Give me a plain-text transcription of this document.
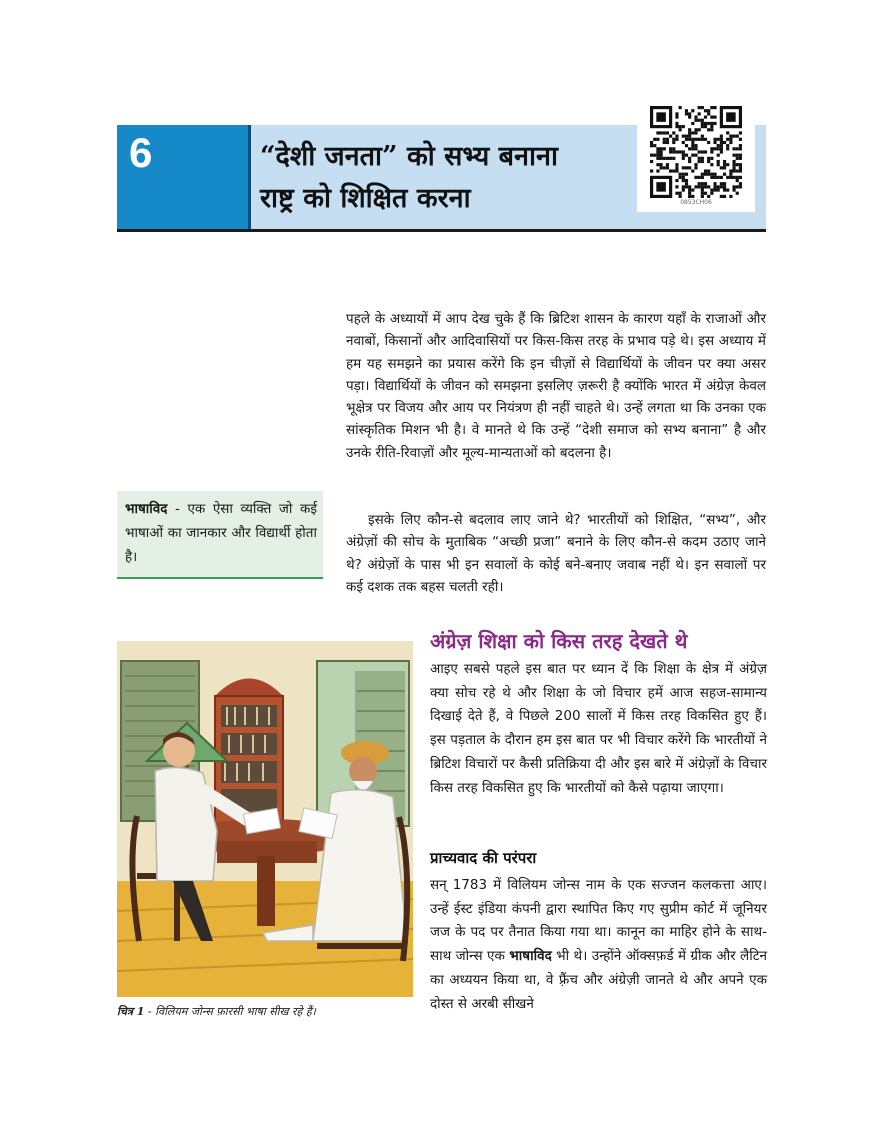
6	“देशी जनता” को सभ्य बनाना
राष्ट्र को शिक्षित करना	0853CH06
पहले के अध्यायों में आप देख चुके हैं कि ब्रिटिश शासन के कारण यहाँ के राजाओं और नवाबों, किसानों और आदिवासियों पर किस-किस तरह के प्रभाव पड़े थे। इस अध्याय में हम यह समझने का प्रयास करेंगे कि इन चीज़ों से विद्यार्थियों के जीवन पर क्या असर पड़ा। विद्यार्थियों के जीवन को समझना इसलिए ज़रूरी है क्योंकि भारत में अंग्रेज़ केवल भूक्षेत्र पर विजय और आय पर नियंत्रण ही नहीं चाहते थे। उन्हें लगता था कि उनका एक सांस्कृतिक मिशन भी है। वे मानते थे कि उन्हें “देशी समाज को सभ्य बनाना” है और उनके रीति-रिवाज़ों और मूल्य-मान्यताओं को बदलना है।
इसके लिए कौन-से बदलाव लाए जाने थे? भारतीयों को शिक्षित, “सभ्य”, और अंग्रेज़ों की सोच के मुताबिक “अच्छी प्रजा” बनाने के लिए कौन-से कदम उठाए जाने थे? अंग्रेज़ों के पास भी इन सवालों के कोई बने-बनाए जवाब नहीं थे। इन सवालों पर कई दशक तक बहस चलती रही।
भाषाविद - एक ऐसा व्यक्ति जो कई भाषाओं का जानकार और विद्यार्थी होता है।
चित्र 1 - विलियम जोन्स फ़ारसी भाषा सीख रहे हैं।
अंग्रेज़ शिक्षा को किस तरह देखते थे
आइए सबसे पहले इस बात पर ध्यान दें कि शिक्षा के क्षेत्र में अंग्रेज़ क्या सोच रहे थे और शिक्षा के जो विचार हमें आज सहज-सामान्य दिखाई देते हैं, वे पिछले 200 सालों में किस तरह विकसित हुए हैं। इस पड़ताल के दौरान हम इस बात पर भी विचार करेंगे कि भारतीयों ने ब्रिटिश विचारों पर कैसी प्रतिक्रिया दी और इस बारे में अंग्रेज़ों के विचार किस तरह विकसित हुए कि भारतीयों को कैसे पढ़ाया जाएगा।
प्राच्यवाद की परंपरा
सन् 1783 में विलियम जोन्स नाम के एक सज्जन कलकत्ता आए। उन्हें ईस्ट इंडिया कंपनी द्वारा स्थापित किए गए सुप्रीम कोर्ट में जूनियर जज के पद पर तैनात किया गया था। कानून का माहिर होने के साथ-साथ जोन्स एक भाषाविद भी थे। उन्होंने ऑक्सफ़र्ड में ग्रीक और लैटिन का अध्ययन किया था, वे फ़्रैंच और अंग्रेज़ी जानते थे और अपने एक दोस्त से अरबी सीखने
